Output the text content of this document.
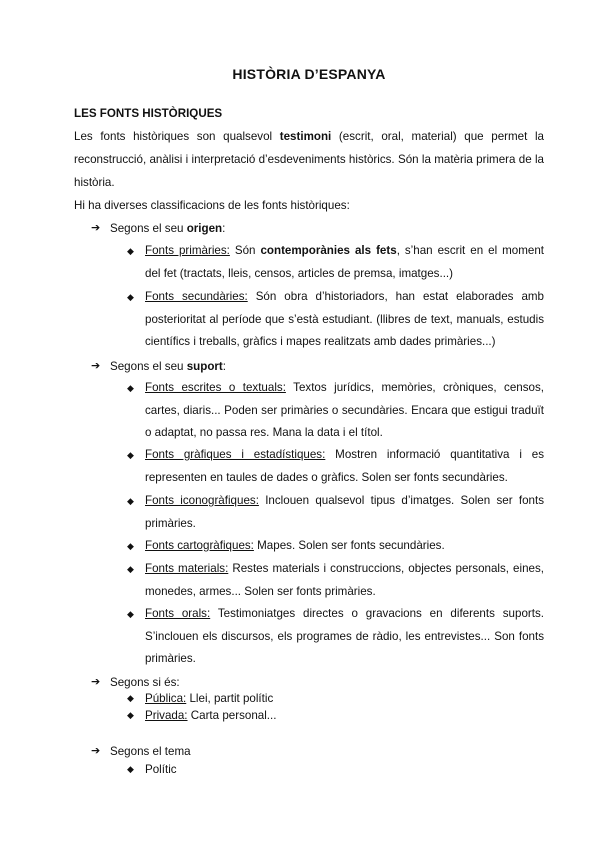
HISTÒRIA D’ESPANYA
LES FONTS HISTÒRIQUES
Les fonts històriques son qualsevol testimoni (escrit, oral, material) que permet la reconstrucció, anàlisi i interpretació d’esdeveniments històrics. Són la matèria primera de la història.
Hi ha diverses classificacions de les fonts històriques:
➔ Segons el seu origen:
◆ Fonts primàries: Són contemporànies als fets, s’han escrit en el moment del fet (tractats, lleis, censos, articles de premsa, imatges...)
◆ Fonts secundàries: Són obra d’historiadors, han estat elaborades amb posterioritat al període que s’està estudiant. (llibres de text, manuals, estudis científics i treballs, gràfics i mapes realitzats amb dades primàries...)
➔ Segons el seu suport:
◆ Fonts escrites o textuals: Textos jurídics, memòries, cròniques, censos, cartes, diaris... Poden ser primàries o secundàries. Encara que estigui traduït o adaptat, no passa res. Mana la data i el títol.
◆ Fonts gràfiques i estadístiques: Mostren informació quantitativa i es representen en taules de dades o gràfics. Solen ser fonts secundàries.
◆ Fonts iconogràfiques: Inclouen qualsevol tipus d’imatges. Solen ser fonts primàries.
◆ Fonts cartogràfiques: Mapes. Solen ser fonts secundàries.
◆ Fonts materials: Restes materials i construccions, objectes personals, eines, monedes, armes... Solen ser fonts primàries.
◆ Fonts orals: Testimoniatges directes o gravacions en diferents suports. S’inclouen els discursos, els programes de ràdio, les entrevistes... Son fonts primàries.
➔ Segons si és:
◆ Pública: Llei, partit polític
◆ Privada: Carta personal...
➔ Segons el tema
◆ Polític
